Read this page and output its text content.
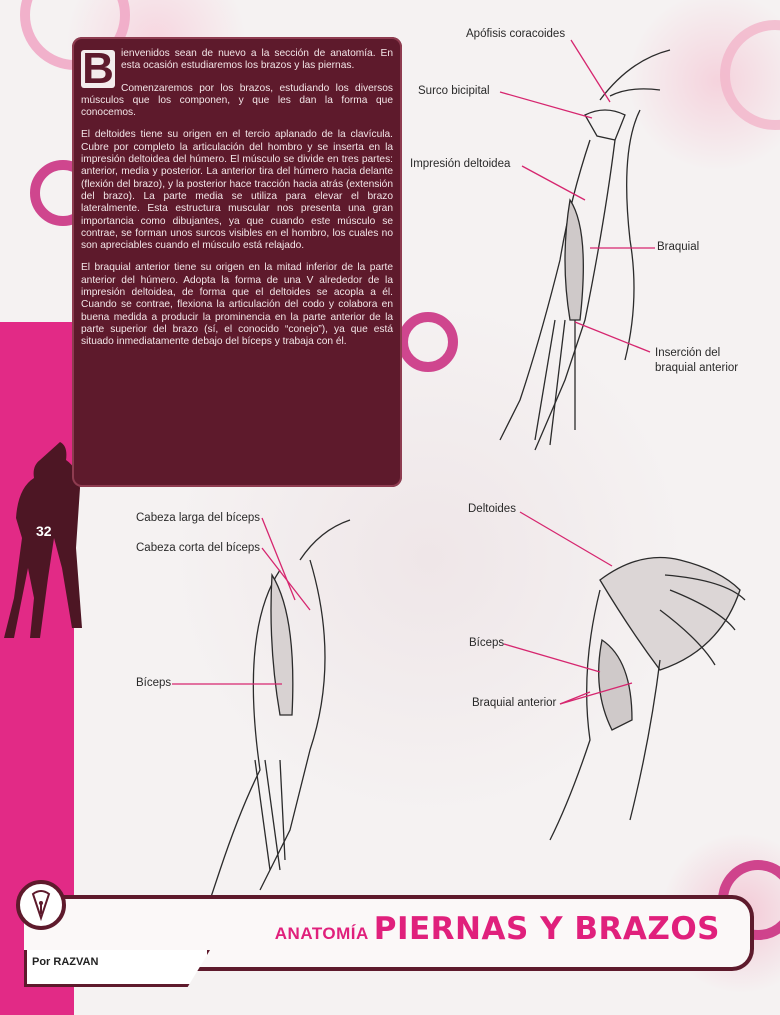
32

B ienvenidos sean de nuevo a la sección de anatomía. En esta ocasión estudiaremos los brazos y las piernas.

Comenzaremos por los brazos, estudiando los diversos músculos que los componen, y que les dan la forma que conocemos.

El deltoides tiene su origen en el tercio aplanado de la clavícula. Cubre por completo la articulación del hombro y se inserta en la impresión deltoidea del húmero. El músculo se divide en tres partes: anterior, media y posterior. La anterior tira del húmero hacia delante (flexión del brazo), y la posterior hace tracción hacia atrás (extensión del brazo). La parte media se utiliza para elevar el brazo lateralmente. Esta estructura muscular nos presenta una gran importancia como dibujantes, ya que cuando este músculo se contrae, se forman unos surcos visibles en el hombro, los cuales no son apreciables cuando el músculo está relajado.

El braquial anterior tiene su origen en la mitad inferior de la parte anterior del húmero. Adopta la forma de una V alrededor de la impresión deltoidea, de forma que el deltoides se acopla a él. Cuando se contrae, flexiona la articulación del codo y colabora en buena medida a producir la prominencia en la parte anterior de la parte superior del brazo (sí, el conocido “conejo”), ya que está situado inmediatamente debajo del bíceps y trabaja con él.

Apófisis coracoides
Surco bicipital
Impresión deltoidea
Braquial
Inserción del
braquial anterior
Cabeza larga del bíceps
Cabeza corta del bíceps
Bíceps
Deltoides
Bíceps
Braquial anterior
ANATOMÍA PIERNAS Y BRAZOS
Por RAZVAN
